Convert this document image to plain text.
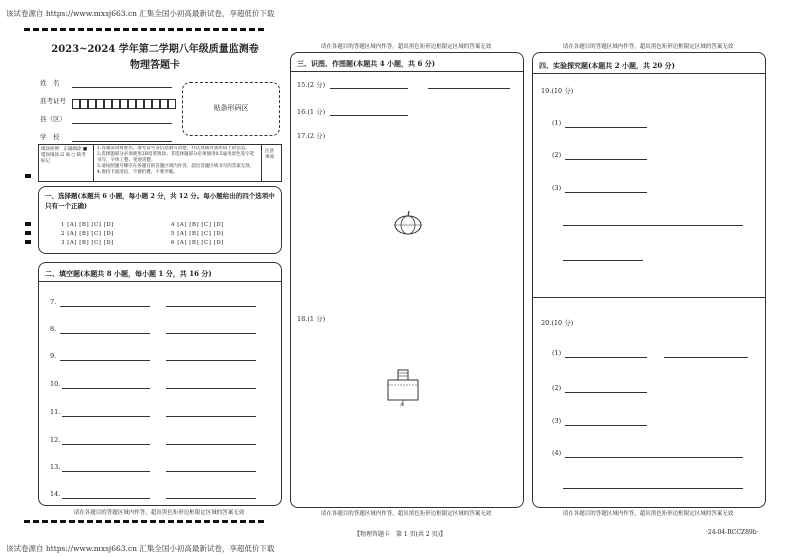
该试卷源自 https://www.mxsj663.cn 汇集全国小初高最新试卷，享超低价下载
该试卷源自 https://www.mxsj663.cn 汇集全国小初高最新试卷，享超低价下载
2023~2024 学年第二学期八年级质量监测卷
物理答题卡
姓　名
准考证号
县（区）
学　校
贴条形码区
填涂样例：正确填涂 ■ 错误填涂 ☑ ☒ ○ 缺考标记
1.答题前请将姓名、准考证号等信息填写清楚，并认真核对条形码上的信息。
2.选择题部分必须使用2B铅笔填涂；非选择题部分必须使用0.5毫米黑色签字笔书写，字体工整、笔迹清楚。
3.请按照题号顺序在各题目的答题区域内作答，超出答题区域书写的答案无效。
4.保持卡面清洁，不要折叠、不要弄破。
注意事项
一、选择题(本题共 6 小题，每小题 2 分，共 12 分。每小题给出的四个选项中只有一个正确)
1 [A] [B] [C] [D]
2 [A] [B] [C] [D]
3 [A] [B] [C] [D]
4 [A] [B] [C] [D]
5 [A] [B] [C] [D]
6 [A] [B] [C] [D]
二、填空题(本题共 8 小题，每小题 1 分，共 16 分)
7.
8.
9.
10.
11.
12.
13.
14.
请在各题目的答题区域内作答，超出黑色矩形边框限定区域的答案无效
请在各题目的答题区域内作答，超出黑色矩形边框限定区域的答案无效
三、识图、作图题(本题共 4 小题，共 6 分)
15.(2 分)
16.(1 分)
17.(2 分)
18.(1 分)
A
请在各题目的答题区域内作答，超出黑色矩形边框限定区域的答案无效
请在各题目的答题区域内作答，超出黑色矩形边框限定区域的答案无效
四、实验探究题(本题共 2 小题，共 20 分)
19.(10 分)
(1)
(2)
(3)
20.(10 分)
(1)
(2)
(3)
(4)
请在各题目的答题区域内作答，超出黑色矩形边框限定区域的答案无效
【物理答题卡　第 1 页(共 2 页)】	·24-04-RCCZ89b·
